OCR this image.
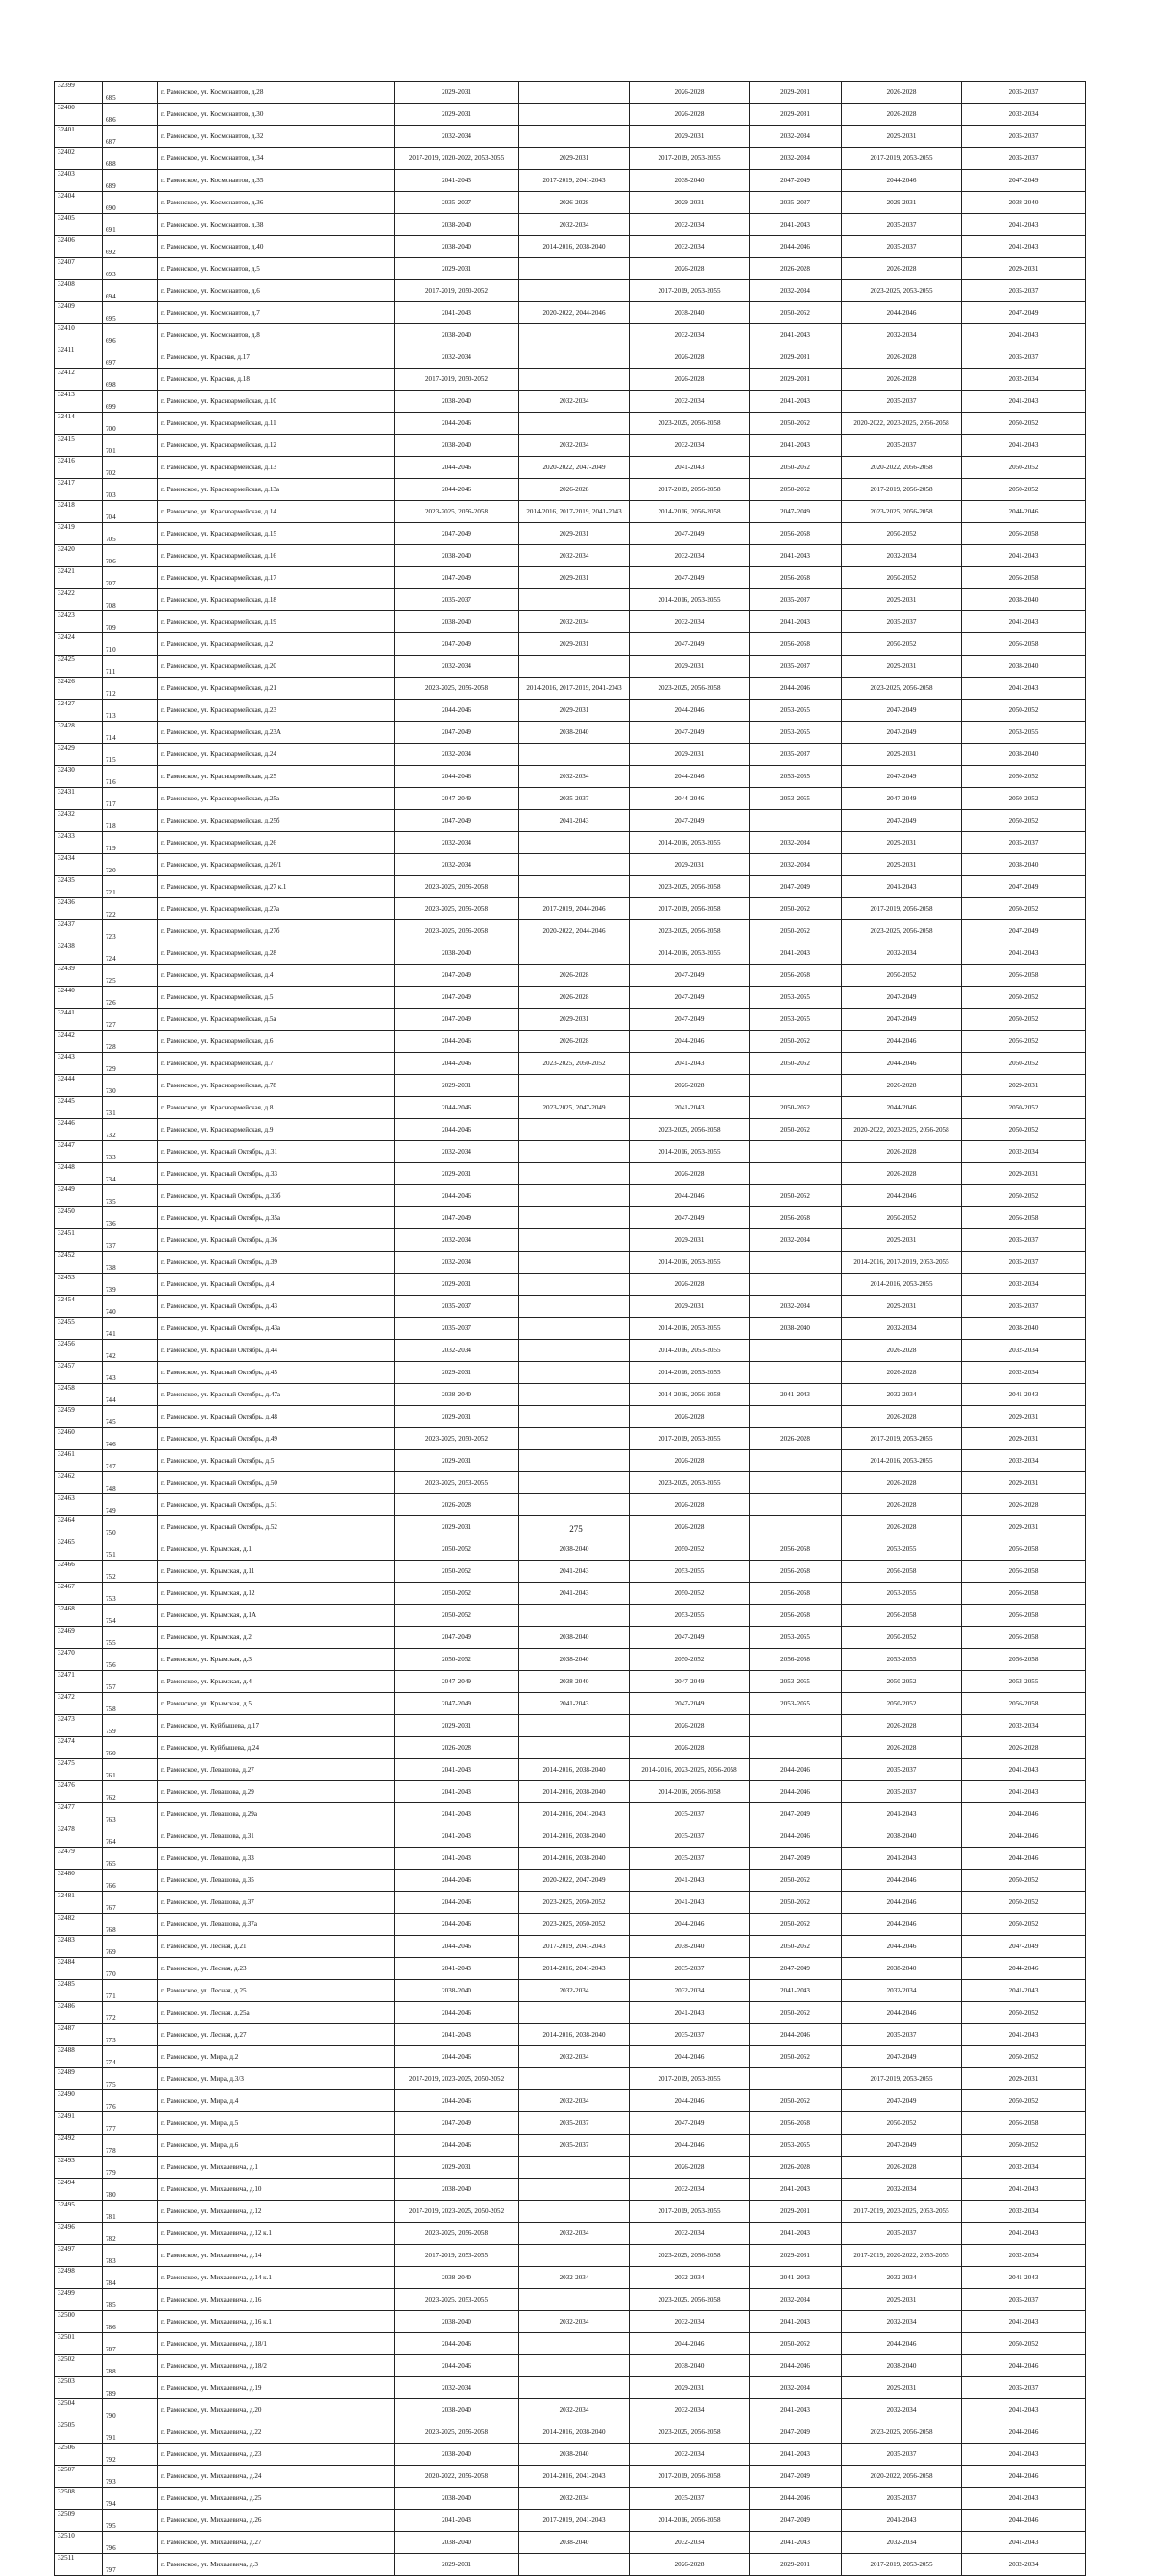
32399	685	г. Раменское, ул. Космонавтов, д.28	2029-2031		2026-2028	2029-2031	2026-2028	2035-2037
32400	686	г. Раменское, ул. Космонавтов, д.30	2029-2031		2026-2028	2029-2031	2026-2028	2032-2034
32401	687	г. Раменское, ул. Космонавтов, д.32	2032-2034		2029-2031	2032-2034	2029-2031	2035-2037
32402	688	г. Раменское, ул. Космонавтов, д.34	2017-2019, 2020-2022, 2053-2055	2029-2031	2017-2019, 2053-2055	2032-2034	2017-2019, 2053-2055	2035-2037
32403	689	г. Раменское, ул. Космонавтов, д.35	2041-2043	2017-2019, 2041-2043	2038-2040	2047-2049	2044-2046	2047-2049
32404	690	г. Раменское, ул. Космонавтов, д.36	2035-2037	2026-2028	2029-2031	2035-2037	2029-2031	2038-2040
32405	691	г. Раменское, ул. Космонавтов, д.38	2038-2040	2032-2034	2032-2034	2041-2043	2035-2037	2041-2043
32406	692	г. Раменское, ул. Космонавтов, д.40	2038-2040	2014-2016, 2038-2040	2032-2034	2044-2046	2035-2037	2041-2043
32407	693	г. Раменское, ул. Космонавтов, д.5	2029-2031		2026-2028	2026-2028	2026-2028	2029-2031
32408	694	г. Раменское, ул. Космонавтов, д.6	2017-2019, 2050-2052		2017-2019, 2053-2055	2032-2034	2023-2025, 2053-2055	2035-2037
32409	695	г. Раменское, ул. Космонавтов, д.7	2041-2043	2020-2022, 2044-2046	2038-2040	2050-2052	2044-2046	2047-2049
32410	696	г. Раменское, ул. Космонавтов, д.8	2038-2040		2032-2034	2041-2043	2032-2034	2041-2043
32411	697	г. Раменское, ул. Красная, д.17	2032-2034		2026-2028	2029-2031	2026-2028	2035-2037
32412	698	г. Раменское, ул. Красная, д.18	2017-2019, 2050-2052		2026-2028	2029-2031	2026-2028	2032-2034
32413	699	г. Раменское, ул. Красноармейская, д.10	2038-2040	2032-2034	2032-2034	2041-2043	2035-2037	2041-2043
32414	700	г. Раменское, ул. Красноармейская, д.11	2044-2046		2023-2025, 2056-2058	2050-2052	2020-2022, 2023-2025, 2056-2058	2050-2052
32415	701	г. Раменское, ул. Красноармейская, д.12	2038-2040	2032-2034	2032-2034	2041-2043	2035-2037	2041-2043
32416	702	г. Раменское, ул. Красноармейская, д.13	2044-2046	2020-2022, 2047-2049	2041-2043	2050-2052	2020-2022, 2056-2058	2050-2052
32417	703	г. Раменское, ул. Красноармейская, д.13а	2044-2046	2026-2028	2017-2019, 2056-2058	2050-2052	2017-2019, 2056-2058	2050-2052
32418	704	г. Раменское, ул. Красноармейская, д.14	2023-2025, 2056-2058	2014-2016, 2017-2019, 2041-2043	2014-2016, 2056-2058	2047-2049	2023-2025, 2056-2058	2044-2046
32419	705	г. Раменское, ул. Красноармейская, д.15	2047-2049	2029-2031	2047-2049	2056-2058	2050-2052	2056-2058
32420	706	г. Раменское, ул. Красноармейская, д.16	2038-2040	2032-2034	2032-2034	2041-2043	2032-2034	2041-2043
32421	707	г. Раменское, ул. Красноармейская, д.17	2047-2049	2029-2031	2047-2049	2056-2058	2050-2052	2056-2058
32422	708	г. Раменское, ул. Красноармейская, д.18	2035-2037		2014-2016, 2053-2055	2035-2037	2029-2031	2038-2040
32423	709	г. Раменское, ул. Красноармейская, д.19	2038-2040	2032-2034	2032-2034	2041-2043	2035-2037	2041-2043
32424	710	г. Раменское, ул. Красноармейская, д.2	2047-2049	2029-2031	2047-2049	2056-2058	2050-2052	2056-2058
32425	711	г. Раменское, ул. Красноармейская, д.20	2032-2034		2029-2031	2035-2037	2029-2031	2038-2040
32426	712	г. Раменское, ул. Красноармейская, д.21	2023-2025, 2056-2058	2014-2016, 2017-2019, 2041-2043	2023-2025, 2056-2058	2044-2046	2023-2025, 2056-2058	2041-2043
32427	713	г. Раменское, ул. Красноармейская, д.23	2044-2046	2029-2031	2044-2046	2053-2055	2047-2049	2050-2052
32428	714	г. Раменское, ул. Красноармейская, д.23А	2047-2049	2038-2040	2047-2049	2053-2055	2047-2049	2053-2055
32429	715	г. Раменское, ул. Красноармейская, д.24	2032-2034		2029-2031	2035-2037	2029-2031	2038-2040
32430	716	г. Раменское, ул. Красноармейская, д.25	2044-2046	2032-2034	2044-2046	2053-2055	2047-2049	2050-2052
32431	717	г. Раменское, ул. Красноармейская, д.25а	2047-2049	2035-2037	2044-2046	2053-2055	2047-2049	2050-2052
32432	718	г. Раменское, ул. Красноармейская, д.25б	2047-2049	2041-2043	2047-2049		2047-2049	2050-2052
32433	719	г. Раменское, ул. Красноармейская, д.26	2032-2034		2014-2016, 2053-2055	2032-2034	2029-2031	2035-2037
32434	720	г. Раменское, ул. Красноармейская, д.26/1	2032-2034		2029-2031	2032-2034	2029-2031	2038-2040
32435	721	г. Раменское, ул. Красноармейская, д.27 к.1	2023-2025, 2056-2058		2023-2025, 2056-2058	2047-2049	2041-2043	2047-2049
32436	722	г. Раменское, ул. Красноармейская, д.27а	2023-2025, 2056-2058	2017-2019, 2044-2046	2017-2019, 2056-2058	2050-2052	2017-2019, 2056-2058	2050-2052
32437	723	г. Раменское, ул. Красноармейская, д.27б	2023-2025, 2056-2058	2020-2022, 2044-2046	2023-2025, 2056-2058	2050-2052	2023-2025, 2056-2058	2047-2049
32438	724	г. Раменское, ул. Красноармейская, д.28	2038-2040		2014-2016, 2053-2055	2041-2043	2032-2034	2041-2043
32439	725	г. Раменское, ул. Красноармейская, д.4	2047-2049	2026-2028	2047-2049	2056-2058	2050-2052	2056-2058
32440	726	г. Раменское, ул. Красноармейская, д.5	2047-2049	2026-2028	2047-2049	2053-2055	2047-2049	2050-2052
32441	727	г. Раменское, ул. Красноармейская, д.5а	2047-2049	2029-2031	2047-2049	2053-2055	2047-2049	2050-2052
32442	728	г. Раменское, ул. Красноармейская, д.6	2044-2046	2026-2028	2044-2046	2050-2052	2044-2046	2056-2052
32443	729	г. Раменское, ул. Красноармейская, д.7	2044-2046	2023-2025, 2050-2052	2041-2043	2050-2052	2044-2046	2050-2052
32444	730	г. Раменское, ул. Красноармейская, д.78	2029-2031		2026-2028		2026-2028	2029-2031
32445	731	г. Раменское, ул. Красноармейская, д.8	2044-2046	2023-2025, 2047-2049	2041-2043	2050-2052	2044-2046	2050-2052
32446	732	г. Раменское, ул. Красноармейская, д.9	2044-2046		2023-2025, 2056-2058	2050-2052	2020-2022, 2023-2025, 2056-2058	2050-2052
32447	733	г. Раменское, ул. Красный Октябрь, д.31	2032-2034		2014-2016, 2053-2055		2026-2028	2032-2034
32448	734	г. Раменское, ул. Красный Октябрь, д.33	2029-2031		2026-2028		2026-2028	2029-2031
32449	735	г. Раменское, ул. Красный Октябрь, д.33б	2044-2046		2044-2046	2050-2052	2044-2046	2050-2052
32450	736	г. Раменское, ул. Красный Октябрь, д.35а	2047-2049		2047-2049	2056-2058	2050-2052	2056-2058
32451	737	г. Раменское, ул. Красный Октябрь, д.36	2032-2034		2029-2031	2032-2034	2029-2031	2035-2037
32452	738	г. Раменское, ул. Красный Октябрь, д.39	2032-2034		2014-2016, 2053-2055		2014-2016, 2017-2019, 2053-2055	2035-2037
32453	739	г. Раменское, ул. Красный Октябрь, д.4	2029-2031		2026-2028		2014-2016, 2053-2055	2032-2034
32454	740	г. Раменское, ул. Красный Октябрь, д.43	2035-2037		2029-2031	2032-2034	2029-2031	2035-2037
32455	741	г. Раменское, ул. Красный Октябрь, д.43а	2035-2037		2014-2016, 2053-2055	2038-2040	2032-2034	2038-2040
32456	742	г. Раменское, ул. Красный Октябрь, д.44	2032-2034		2014-2016, 2053-2055		2026-2028	2032-2034
32457	743	г. Раменское, ул. Красный Октябрь, д.45	2029-2031		2014-2016, 2053-2055		2026-2028	2032-2034
32458	744	г. Раменское, ул. Красный Октябрь, д.47а	2038-2040		2014-2016, 2056-2058	2041-2043	2032-2034	2041-2043
32459	745	г. Раменское, ул. Красный Октябрь, д.48	2029-2031		2026-2028		2026-2028	2029-2031
32460	746	г. Раменское, ул. Красный Октябрь, д.49	2023-2025, 2050-2052		2017-2019, 2053-2055	2026-2028	2017-2019, 2053-2055	2029-2031
32461	747	г. Раменское, ул. Красный Октябрь, д.5	2029-2031		2026-2028		2014-2016, 2053-2055	2032-2034
32462	748	г. Раменское, ул. Красный Октябрь, д.50	2023-2025, 2053-2055		2023-2025, 2053-2055		2026-2028	2029-2031
32463	749	г. Раменское, ул. Красный Октябрь, д.51	2026-2028		2026-2028		2026-2028	2026-2028
32464	750	г. Раменское, ул. Красный Октябрь, д.52	2029-2031		2026-2028		2026-2028	2029-2031
32465	751	г. Раменское, ул. Крымская, д.1	2050-2052	2038-2040	2050-2052	2056-2058	2053-2055	2056-2058
32466	752	г. Раменское, ул. Крымская, д.11	2050-2052	2041-2043	2053-2055	2056-2058	2056-2058	2056-2058
32467	753	г. Раменское, ул. Крымская, д.12	2050-2052	2041-2043	2050-2052	2056-2058	2053-2055	2056-2058
32468	754	г. Раменское, ул. Крымская, д.1А	2050-2052		2053-2055	2056-2058	2056-2058	2056-2058
32469	755	г. Раменское, ул. Крымская, д.2	2047-2049	2038-2040	2047-2049	2053-2055	2050-2052	2056-2058
32470	756	г. Раменское, ул. Крымская, д.3	2050-2052	2038-2040	2050-2052	2056-2058	2053-2055	2056-2058
32471	757	г. Раменское, ул. Крымская, д.4	2047-2049	2038-2040	2047-2049	2053-2055	2050-2052	2053-2055
32472	758	г. Раменское, ул. Крымская, д.5	2047-2049	2041-2043	2047-2049	2053-2055	2050-2052	2056-2058
32473	759	г. Раменское, ул. Куйбышева, д.17	2029-2031		2026-2028		2026-2028	2032-2034
32474	760	г. Раменское, ул. Куйбышева, д.24	2026-2028		2026-2028		2026-2028	2026-2028
32475	761	г. Раменское, ул. Левашова, д.27	2041-2043	2014-2016, 2038-2040	2014-2016, 2023-2025, 2056-2058	2044-2046	2035-2037	2041-2043
32476	762	г. Раменское, ул. Левашова, д.29	2041-2043	2014-2016, 2038-2040	2014-2016, 2056-2058	2044-2046	2035-2037	2041-2043
32477	763	г. Раменское, ул. Левашова, д.29а	2041-2043	2014-2016, 2041-2043	2035-2037	2047-2049	2041-2043	2044-2046
32478	764	г. Раменское, ул. Левашова, д.31	2041-2043	2014-2016, 2038-2040	2035-2037	2044-2046	2038-2040	2044-2046
32479	765	г. Раменское, ул. Левашова, д.33	2041-2043	2014-2016, 2038-2040	2035-2037	2047-2049	2041-2043	2044-2046
32480	766	г. Раменское, ул. Левашова, д.35	2044-2046	2020-2022, 2047-2049	2041-2043	2050-2052	2044-2046	2050-2052
32481	767	г. Раменское, ул. Левашова, д.37	2044-2046	2023-2025, 2050-2052	2041-2043	2050-2052	2044-2046	2050-2052
32482	768	г. Раменское, ул. Левашова, д.37а	2044-2046	2023-2025, 2050-2052	2044-2046	2050-2052	2044-2046	2050-2052
32483	769	г. Раменское, ул. Лесная, д.21	2044-2046	2017-2019, 2041-2043	2038-2040	2050-2052	2044-2046	2047-2049
32484	770	г. Раменское, ул. Лесная, д.23	2041-2043	2014-2016, 2041-2043	2035-2037	2047-2049	2038-2040	2044-2046
32485	771	г. Раменское, ул. Лесная, д.25	2038-2040	2032-2034	2032-2034	2041-2043	2032-2034	2041-2043
32486	772	г. Раменское, ул. Лесная, д.25а	2044-2046		2041-2043	2050-2052	2044-2046	2050-2052
32487	773	г. Раменское, ул. Лесная, д.27	2041-2043	2014-2016, 2038-2040	2035-2037	2044-2046	2035-2037	2041-2043
32488	774	г. Раменское, ул. Мира, д.2	2044-2046	2032-2034	2044-2046	2050-2052	2047-2049	2050-2052
32489	775	г. Раменское, ул. Мира, д.3/3	2017-2019, 2023-2025, 2050-2052		2017-2019, 2053-2055		2017-2019, 2053-2055	2029-2031
32490	776	г. Раменское, ул. Мира, д.4	2044-2046	2032-2034	2044-2046	2050-2052	2047-2049	2050-2052
32491	777	г. Раменское, ул. Мира, д.5	2047-2049	2035-2037	2047-2049	2056-2058	2050-2052	2056-2058
32492	778	г. Раменское, ул. Мира, д.6	2044-2046	2035-2037	2044-2046	2053-2055	2047-2049	2050-2052
32493	779	г. Раменское, ул. Михалевича, д.1	2029-2031		2026-2028	2026-2028	2026-2028	2032-2034
32494	780	г. Раменское, ул. Михалевича, д.10	2038-2040		2032-2034	2041-2043	2032-2034	2041-2043
32495	781	г. Раменское, ул. Михалевича, д.12	2017-2019, 2023-2025, 2050-2052		2017-2019, 2053-2055	2029-2031	2017-2019, 2023-2025, 2053-2055	2032-2034
32496	782	г. Раменское, ул. Михалевича, д.12 к.1	2023-2025, 2056-2058	2032-2034	2032-2034	2041-2043	2035-2037	2041-2043
32497	783	г. Раменское, ул. Михалевича, д.14	2017-2019, 2053-2055		2023-2025, 2056-2058	2029-2031	2017-2019, 2020-2022, 2053-2055	2032-2034
32498	784	г. Раменское, ул. Михалевича, д.14 к.1	2038-2040	2032-2034	2032-2034	2041-2043	2032-2034	2041-2043
32499	785	г. Раменское, ул. Михалевича, д.16	2023-2025, 2053-2055		2023-2025, 2056-2058	2032-2034	2029-2031	2035-2037
32500	786	г. Раменское, ул. Михалевича, д.16 к.1	2038-2040	2032-2034	2032-2034	2041-2043	2032-2034	2041-2043
32501	787	г. Раменское, ул. Михалевича, д.18/1	2044-2046		2044-2046	2050-2052	2044-2046	2050-2052
32502	788	г. Раменское, ул. Михалевича, д.18/2	2044-2046		2038-2040	2044-2046	2038-2040	2044-2046
32503	789	г. Раменское, ул. Михалевича, д.19	2032-2034		2029-2031	2032-2034	2029-2031	2035-2037
32504	790	г. Раменское, ул. Михалевича, д.20	2038-2040	2032-2034	2032-2034	2041-2043	2032-2034	2041-2043
32505	791	г. Раменское, ул. Михалевича, д.22	2023-2025, 2056-2058	2014-2016, 2038-2040	2023-2025, 2056-2058	2047-2049	2023-2025, 2056-2058	2044-2046
32506	792	г. Раменское, ул. Михалевича, д.23	2038-2040	2038-2040	2032-2034	2041-2043	2035-2037	2041-2043
32507	793	г. Раменское, ул. Михалевича, д.24	2020-2022, 2056-2058	2014-2016, 2041-2043	2017-2019, 2056-2058	2047-2049	2020-2022, 2056-2058	2044-2046
32508	794	г. Раменское, ул. Михалевича, д.25	2038-2040	2032-2034	2035-2037	2044-2046	2035-2037	2041-2043
32509	795	г. Раменское, ул. Михалевича, д.26	2041-2043	2017-2019, 2041-2043	2014-2016, 2056-2058	2047-2049	2041-2043	2044-2046
32510	796	г. Раменское, ул. Михалевича, д.27	2038-2040	2038-2040	2032-2034	2041-2043	2032-2034	2041-2043
32511	797	г. Раменское, ул. Михалевича, д.3	2029-2031		2026-2028	2029-2031	2017-2019, 2053-2055	2032-2034
275
